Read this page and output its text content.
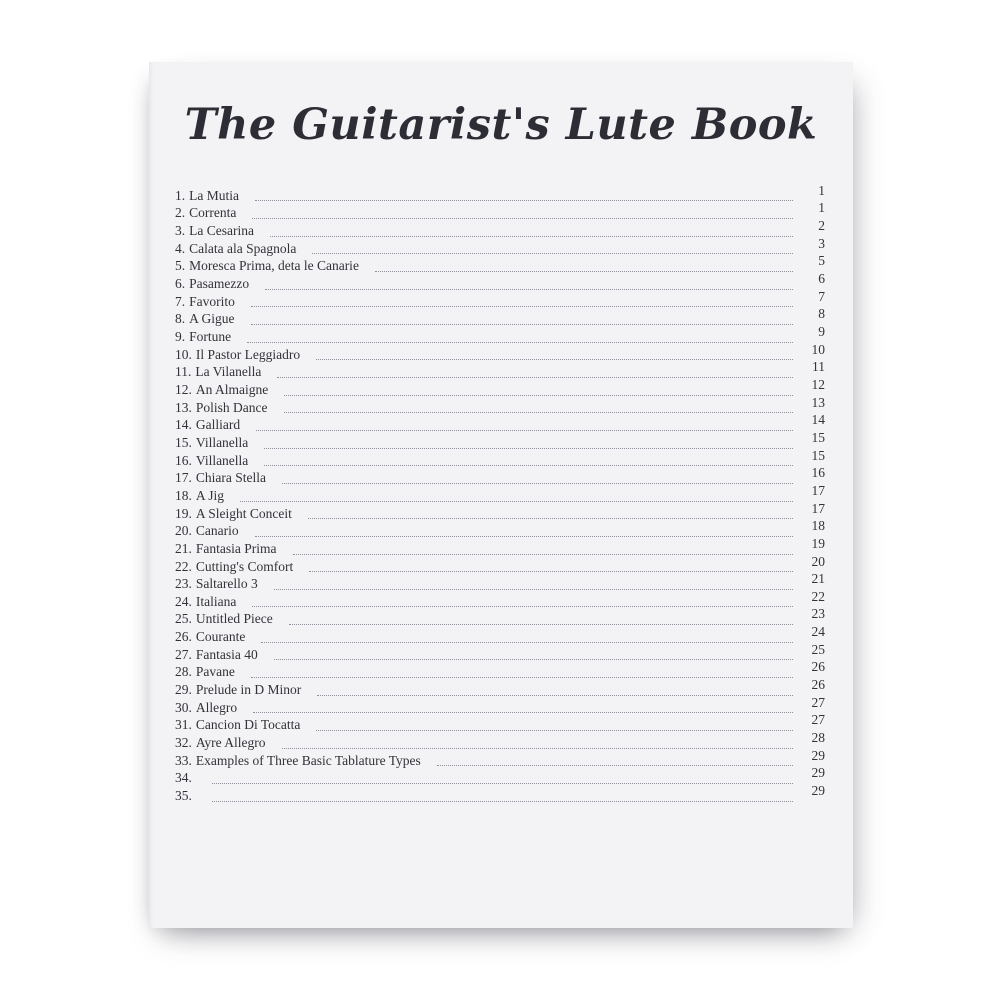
The Guitarist's Lute Book
1. La Mutia	1
2. Correnta	1
3. La Cesarina	2
4. Calata ala Spagnola	3
5. Moresca Prima, deta le Canarie	5
6. Pasamezzo	6
7. Favorito	7
8. A Gigue	8
9. Fortune	9
10. Il Pastor Leggiadro	10
11. La Vilanella	11
12. An Almaigne	12
13. Polish Dance	13
14. Galliard	14
15. Villanella	15
16. Villanella	15
17. Chiara Stella	16
18. A Jig	17
19. A Sleight Conceit	17
20. Canario	18
21. Fantasia Prima	19
22. Cutting's Comfort	20
23. Saltarello 3	21
24. Italiana	22
25. Untitled Piece	23
26. Courante	24
27. Fantasia 40	25
28. Pavane	26
29. Prelude in D Minor	26
30. Allegro	27
31. Cancion Di Tocatta	27
32. Ayre Allegro	28
33. Examples of Three Basic Tablature Types	29
34.	29
35.	29
